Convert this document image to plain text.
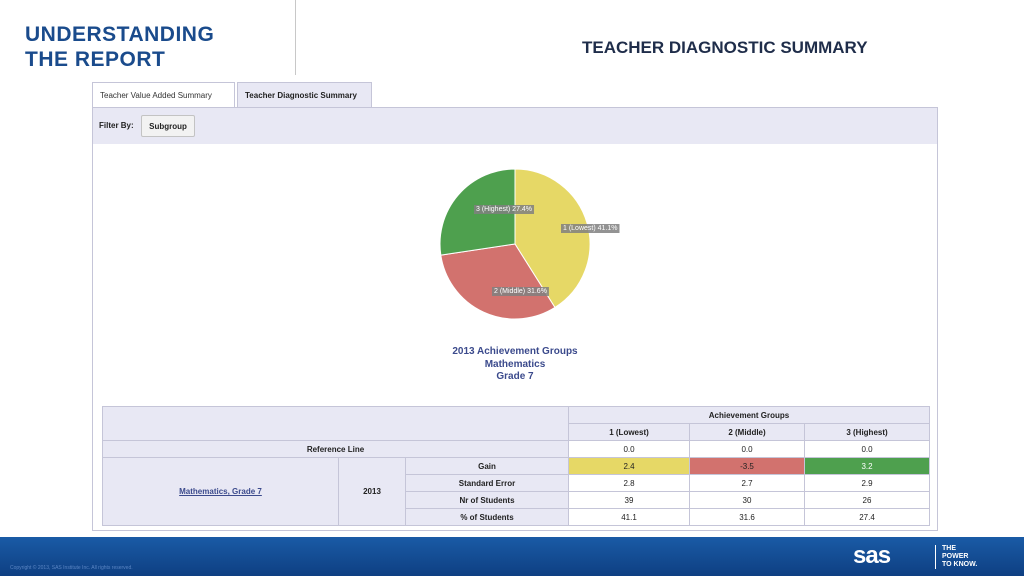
UNDERSTANDING
THE REPORT
TEACHER DIAGNOSTIC SUMMARY
Teacher Value Added Summary	Teacher Diagnostic Summary
Filter By:	Subgroup
1 (Lowest) 41.1%
2 (Middle) 31.6%
3 (Highest) 27.4%
2013 Achievement Groups
Mathematics
Grade 7
			Achievement Groups		
			1 (Lowest)	2 (Middle)	3 (Highest)
Reference Line			0.0	0.0	0.0
Mathematics, Grade 7	2013	Gain	2.4	-3.5	3.2
		Standard Error	2.8	2.7	2.9
		Nr of Students	39	30	26
		% of Students	41.1	31.6	27.4
Copyright © 2013, SAS Institute Inc. All rights reserved.	sas	THE
POWER
TO KNOW.
